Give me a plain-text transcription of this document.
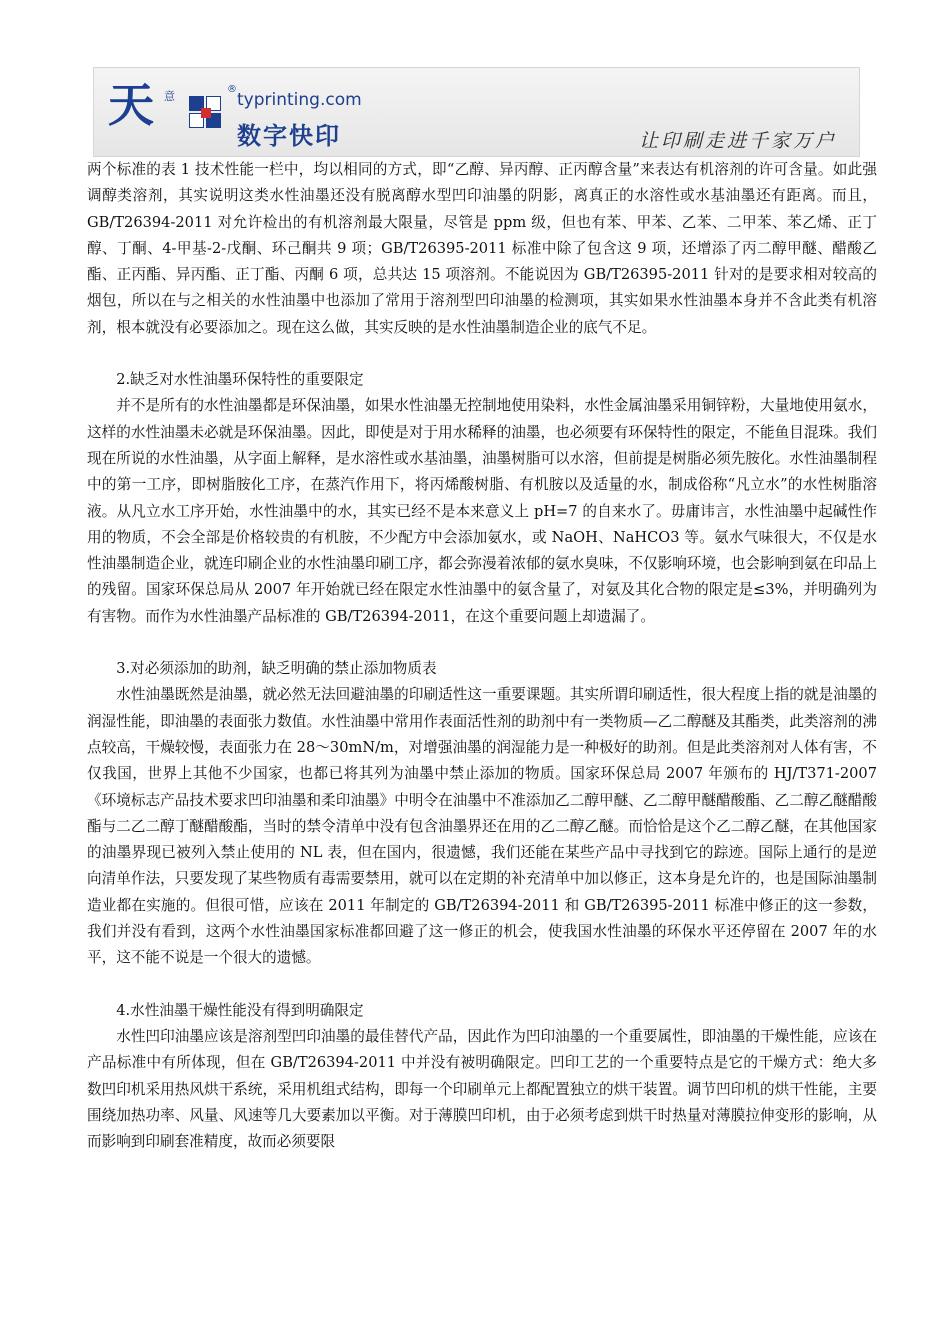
天 意
®
typrinting.com
数字快印	让印刷走进千家万户

两个标准的表 1 技术性能一栏中，均以相同的方式，即“乙醇、异丙醇、正丙醇含量”来表达有机溶剂的许可含量。如此强调醇类溶剂，其实说明这类水性油墨还没有脱离醇水型凹印油墨的阴影，离真正的水溶性或水基油墨还有距离。而且，GB/T26394-2011 对允许检出的有机溶剂最大限量，尽管是 ppm 级，但也有苯、甲苯、乙苯、二甲苯、苯乙烯、正丁醇、丁酮、4-甲基-2-戊酮、环己酮共 9 项；GB/T26395-2011 标准中除了包含这 9 项，还增添了丙二醇甲醚、醋酸乙酯、正丙酯、异丙酯、正丁酯、丙酮 6 项，总共达 15 项溶剂。不能说因为 GB/T26395-2011 针对的是要求相对较高的烟包，所以在与之相关的水性油墨中也添加了常用于溶剂型凹印油墨的检测项，其实如果水性油墨本身并不含此类有机溶剂，根本就没有必要添加之。现在这么做，其实反映的是水性油墨制造企业的底气不足。

2.缺乏对水性油墨环保特性的重要限定

并不是所有的水性油墨都是环保油墨，如果水性油墨无控制地使用染料，水性金属油墨采用铜锌粉，大量地使用氨水，这样的水性油墨未必就是环保油墨。因此，即使是对于用水稀释的油墨，也必须要有环保特性的限定，不能鱼目混珠。我们现在所说的水性油墨，从字面上解释，是水溶性或水基油墨，油墨树脂可以水溶，但前提是树脂必须先胺化。水性油墨制程中的第一工序，即树脂胺化工序，在蒸汽作用下，将丙烯酸树脂、有机胺以及适量的水，制成俗称“凡立水”的水性树脂溶液。从凡立水工序开始，水性油墨中的水，其实已经不是本来意义上 pH=7 的自来水了。毋庸讳言，水性油墨中起碱性作用的物质，不会全部是价格较贵的有机胺，不少配方中会添加氨水，或 NaOH、NaHCO3 等。氨水气味很大，不仅是水性油墨制造企业，就连印刷企业的水性油墨印刷工序，都会弥漫着浓郁的氨水臭味，不仅影响环境，也会影响到氨在印品上的残留。国家环保总局从 2007 年开始就已经在限定水性油墨中的氨含量了，对氨及其化合物的限定是≤3%，并明确列为有害物。而作为水性油墨产品标准的 GB/T26394-2011，在这个重要问题上却遗漏了。

3.对必须添加的助剂，缺乏明确的禁止添加物质表

水性油墨既然是油墨，就必然无法回避油墨的印刷适性这一重要课题。其实所谓印刷适性，很大程度上指的就是油墨的润湿性能，即油墨的表面张力数值。水性油墨中常用作表面活性剂的助剂中有一类物质—乙二醇醚及其酯类，此类溶剂的沸点较高，干燥较慢，表面张力在 28～30mN/m，对增强油墨的润湿能力是一种极好的助剂。但是此类溶剂对人体有害，不仅我国，世界上其他不少国家，也都已将其列为油墨中禁止添加的物质。国家环保总局 2007 年颁布的 HJ/T371-2007《环境标志产品技术要求凹印油墨和柔印油墨》中明令在油墨中不准添加乙二醇甲醚、乙二醇甲醚醋酸酯、乙二醇乙醚醋酸酯与二乙二醇丁醚醋酸酯，当时的禁令清单中没有包含油墨界还在用的乙二醇乙醚。而恰恰是这个乙二醇乙醚，在其他国家的油墨界现已被列入禁止使用的 NL 表，但在国内，很遗憾，我们还能在某些产品中寻找到它的踪迹。国际上通行的是逆向清单作法，只要发现了某些物质有毒需要禁用，就可以在定期的补充清单中加以修正，这本身是允许的，也是国际油墨制造业都在实施的。但很可惜，应该在 2011 年制定的 GB/T26394-2011 和 GB/T26395-2011 标准中修正的这一参数，我们并没有看到，这两个水性油墨国家标准都回避了这一修正的机会，使我国水性油墨的环保水平还停留在 2007 年的水平，这不能不说是一个很大的遗憾。

4.水性油墨干燥性能没有得到明确限定

水性凹印油墨应该是溶剂型凹印油墨的最佳替代产品，因此作为凹印油墨的一个重要属性，即油墨的干燥性能，应该在产品标准中有所体现，但在 GB/T26394-2011 中并没有被明确限定。凹印工艺的一个重要特点是它的干燥方式：绝大多数凹印机采用热风烘干系统，采用机组式结构，即每一个印刷单元上都配置独立的烘干装置。调节凹印机的烘干性能，主要围绕加热功率、风量、风速等几大要素加以平衡。对于薄膜凹印机，由于必须考虑到烘干时热量对薄膜拉伸变形的影响，从而影响到印刷套准精度，故而必须要限
